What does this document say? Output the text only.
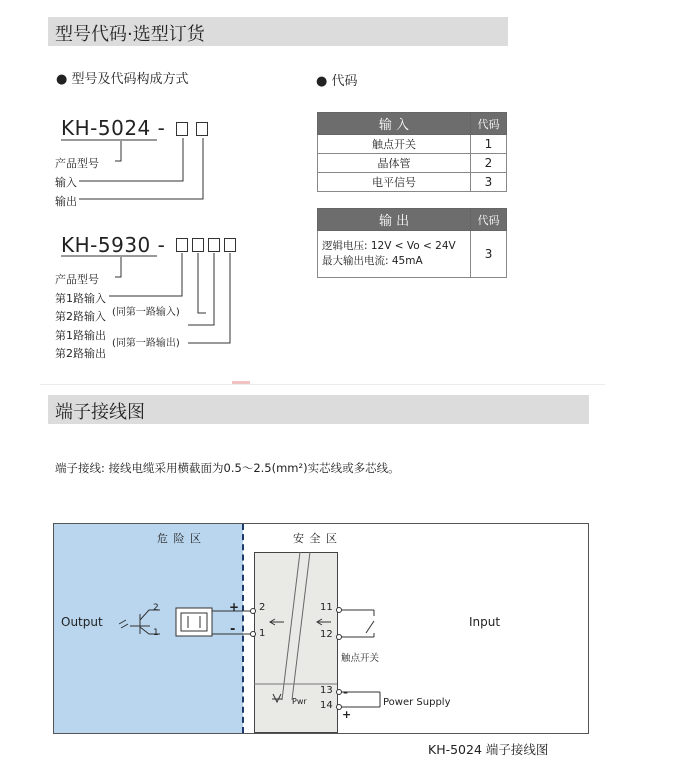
型号代码·选型订货
● 型号及代码构成方式
KH-5024 -
产品型号
输入
输出
KH-5930 -
产品型号
第1路输入
第2路输入 (同第一路输入)
第1路输出
第2路输出
(同第一路输出)
● 代码
输 入	代码
触点开关	1
晶体管	2
电平信号	3
输 出	代码

逻辑电压: 12V < Vo < 24V
最大输出电流: 45mA	3
端子接线图
端子接线: 接线电缆采用横截面为0.5～2.5(mm²)实芯线或多芯线。
危 险 区	安 全 区
Output	Input
2
1
11
12
13
14
2
1
+
-
-
+
触点开关
Power Supply
Pwr
KH-5024 端子接线图
